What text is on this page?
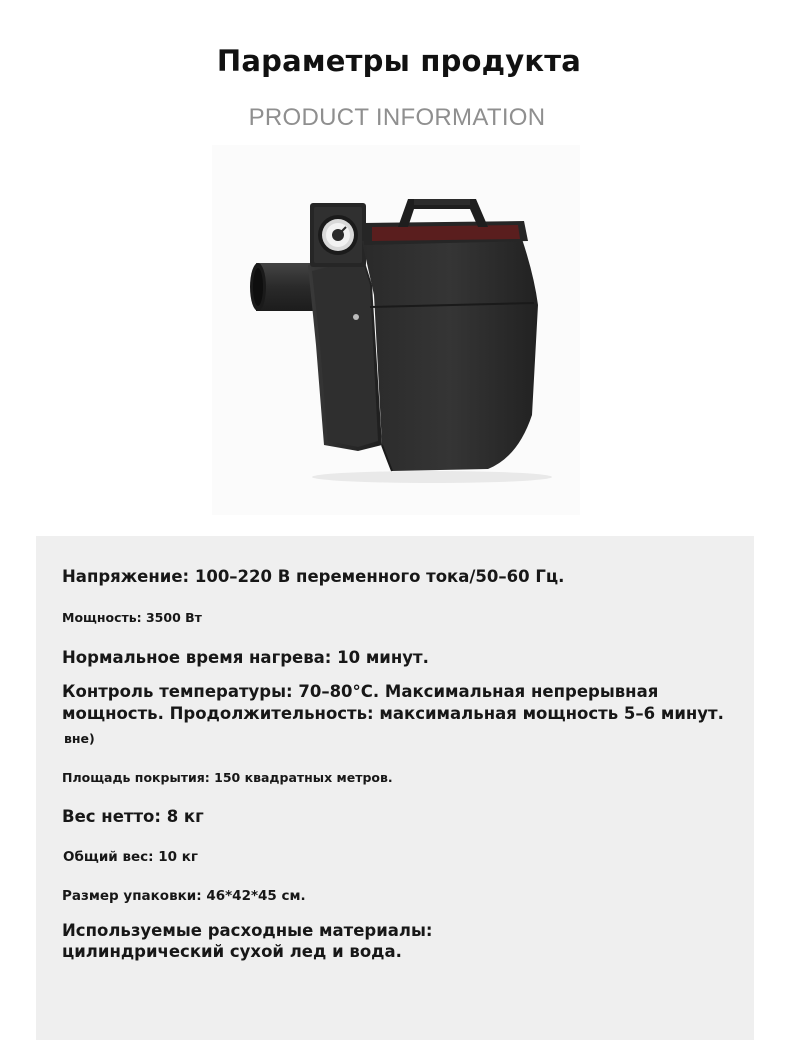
Параметры продукта
PRODUCT INFORMATION
Напряжение: 100–220 В переменного тока/50–60 Гц.
Мощность: 3500 Вт
Нормальное время нагрева: 10 минут.
Контроль температуры: 70–80°C. Максимальная непрерывная
мощность. Продолжительность: максимальная мощность 5–6 минут.
вне)
Площадь покрытия: 150 квадратных метров.
Вес нетто: 8 кг
Общий вес: 10 кг
Размер упаковки: 46*42*45 см.
Используемые расходные материалы:
цилиндрический сухой лед и вода.
